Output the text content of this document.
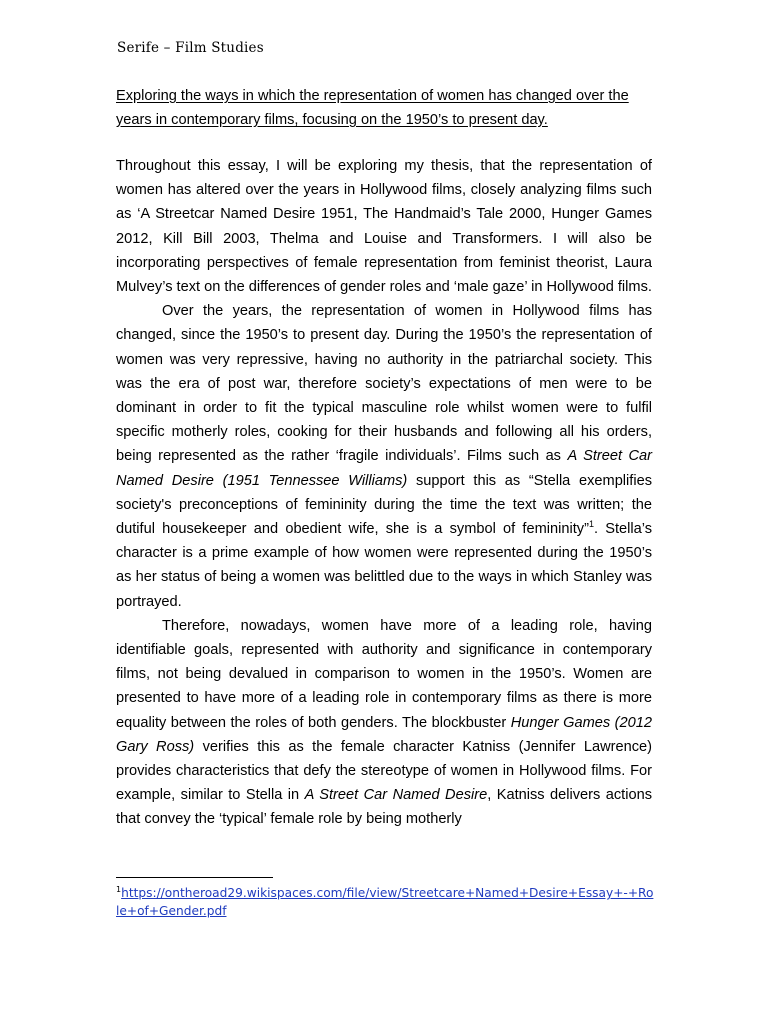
Serife – Film Studies
Exploring the ways in which the representation of women has changed over the years in contemporary films, focusing on the 1950’s to present day.

Throughout this essay, I will be exploring my thesis, that the representation of women has altered over the years in Hollywood films, closely analyzing films such as ‘A Streetcar Named Desire 1951, The Handmaid’s Tale 2000, Hunger Games 2012, Kill Bill 2003, Thelma and Louise and Transformers. I will also be incorporating perspectives of female representation from feminist theorist, Laura Mulvey’s text on the differences of gender roles and ‘male gaze’ in Hollywood films.

Over the years, the representation of women in Hollywood films has changed, since the 1950’s to present day. During the 1950’s the representation of women was very repressive, having no authority in the patriarchal society. This was the era of post war, therefore society’s expectations of men were to be dominant in order to fit the typical masculine role whilst women were to fulfil specific motherly roles, cooking for their husbands and following all his orders, being represented as the rather ‘fragile individuals’. Films such as A Street Car Named Desire (1951 Tennessee Williams) support this as “Stella exemplifies society's preconceptions of femininity during the time the text was written; the dutiful housekeeper and obedient wife, she is a symbol of femininity”$^1$. Stella’s character is a prime example of how women were represented during the 1950’s as her status of being a women was belittled due to the ways in which Stanley was portrayed.

Therefore, nowadays, women have more of a leading role, having identifiable goals, represented with authority and significance in contemporary films, not being devalued in comparison to women in the 1950’s. Women are presented to have more of a leading role in contemporary films as there is more equality between the roles of both genders. The blockbuster Hunger Games (2012 Gary Ross) verifies this as the female character Katniss (Jennifer Lawrence) provides characteristics that defy the stereotype of women in Hollywood films. For example, similar to Stella in A Street Car Named Desire, Katniss delivers actions that convey the ‘typical’ female role by being motherly

$^1$https://ontheroad29.wikispaces.com/file/view/Streetcare+Named+Desire+Essay+-+Role+of+Gender.pdf
